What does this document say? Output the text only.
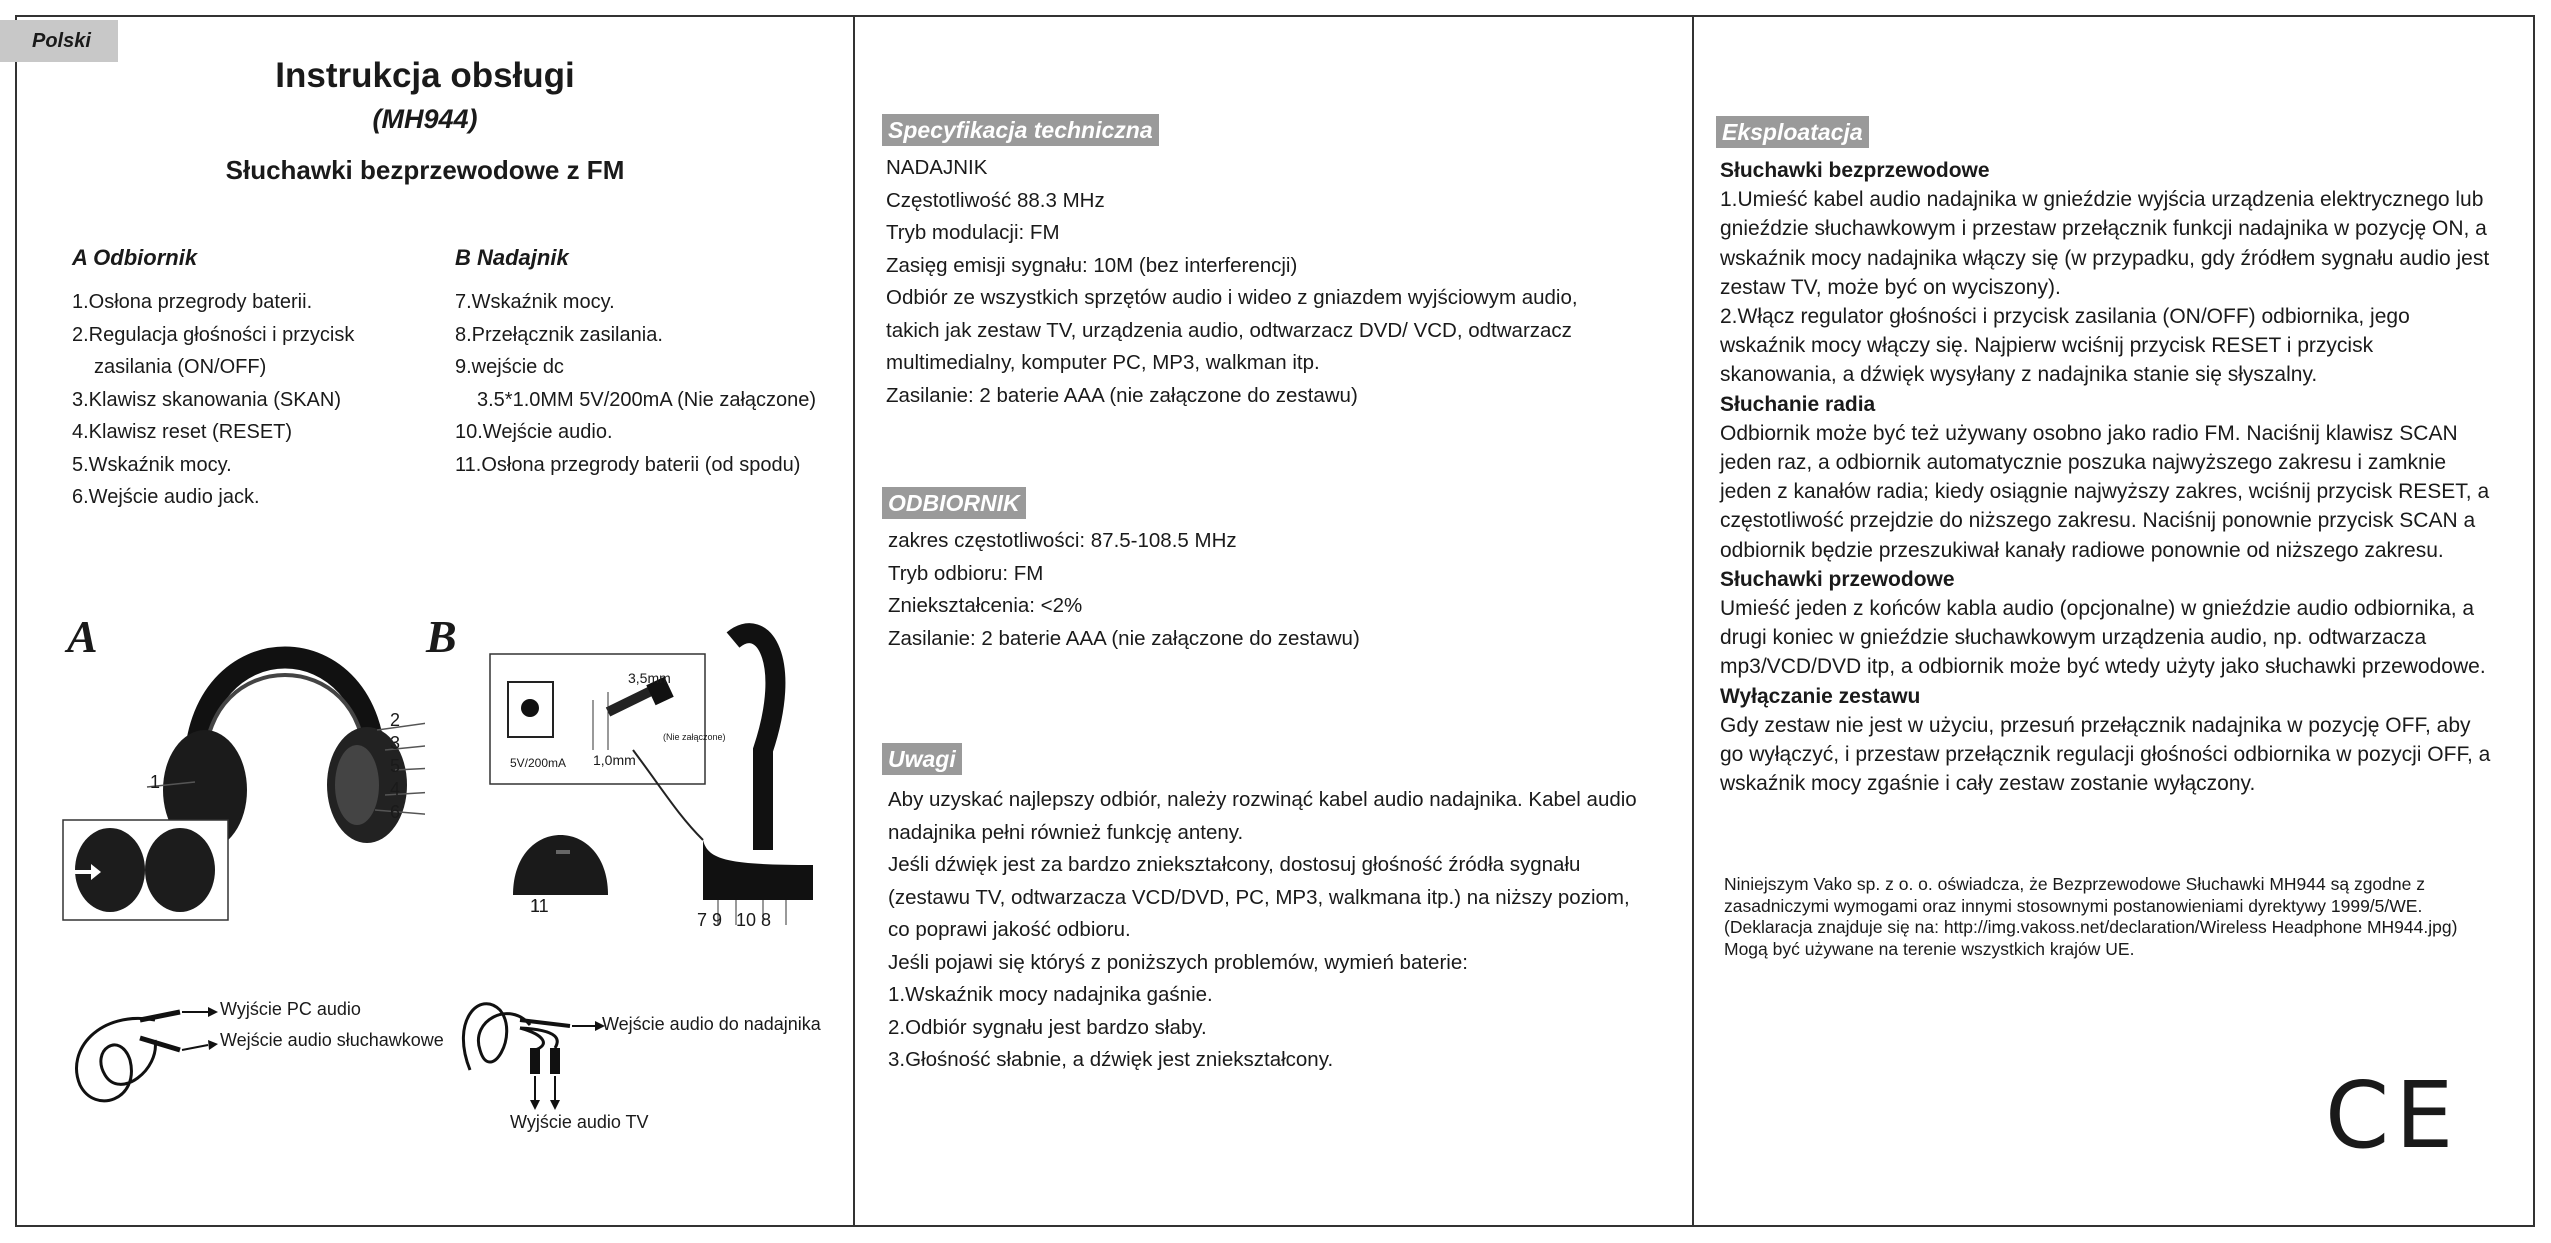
Polski
Instrukcja obsługi
(MH944)
Słuchawki bezprzewodowe z FM
A Odbiornik
1.Osłona przegrody baterii.
2.Regulacja głośności i przycisk
zasilania (ON/OFF)
3.Klawisz skanowania (SKAN)
4.Klawisz reset (RESET)
5.Wskaźnik mocy.
6.Wejście audio jack.
B Nadajnik
7.Wskaźnik mocy.
8.Przełącznik zasilania.
9.wejście dc
3.5*1.0MM 5V/200mA (Nie załączone)
10.Wejście audio.
11.Osłona przegrody baterii (od spodu)
A
1
2
3
5
4
6
B
3,5mm
1,0mm
(Nie załączone)
5V/200mA
11
7 9 10 8
Wyjście PC audio
Wejście audio słuchawkowe
Wejście audio do nadajnika
Wyjście audio TV
Specyfikacja techniczna
NADAJNIK
Częstotliwość 88.3 MHz
Tryb modulacji: FM
Zasięg emisji sygnału: 10M (bez interferencji)
Odbiór ze wszystkich sprzętów audio i wideo z gniazdem wyjściowym audio,
takich jak zestaw TV, urządzenia audio, odtwarzacz DVD/ VCD, odtwarzacz
multimedialny, komputer PC, MP3, walkman itp.
Zasilanie: 2 baterie AAA (nie załączone do zestawu)
ODBIORNIK
zakres częstotliwości: 87.5-108.5 MHz
Tryb odbioru: FM
Zniekształcenia: <2%
Zasilanie: 2 baterie AAA (nie załączone do zestawu)
Uwagi
Aby uzyskać najlepszy odbiór, należy rozwinąć kabel audio nadajnika. Kabel audio
nadajnika pełni również funkcję anteny.
Jeśli dźwięk jest za bardzo zniekształcony, dostosuj głośność źródła sygnału
(zestawu TV, odtwarzacza VCD/DVD, PC, MP3, walkmana itp.) na niższy poziom,
co poprawi jakość odbioru.
Jeśli pojawi się któryś z poniższych problemów, wymień baterie:
1.Wskaźnik mocy nadajnika gaśnie.
2.Odbiór sygnału jest bardzo słaby.
3.Głośność słabnie, a dźwięk jest zniekształcony.
Eksploatacja
Słuchawki bezprzewodowe
1.Umieść kabel audio nadajnika w gnieździe wyjścia urządzenia elektrycznego lub
gnieździe słuchawkowym i przestaw przełącznik funkcji nadajnika w pozycję ON, a
wskaźnik mocy nadajnika włączy się (w przypadku, gdy źródłem sygnału audio jest
zestaw TV, może być on wyciszony).
2.Włącz regulator głośności i przycisk zasilania (ON/OFF) odbiornika, jego
wskaźnik mocy włączy się. Najpierw wciśnij przycisk RESET i przycisk
skanowania, a dźwięk wysyłany z nadajnika stanie się słyszalny.
Słuchanie radia
Odbiornik może być też używany osobno jako radio FM. Naciśnij klawisz SCAN
jeden raz, a odbiornik automatycznie poszuka najwyższego zakresu i zamknie
jeden z kanałów radia; kiedy osiągnie najwyższy zakres, wciśnij przycisk RESET, a
częstotliwość przejdzie do niższego zakresu. Naciśnij ponownie przycisk SCAN a
odbiornik będzie przeszukiwał kanały radiowe ponownie od niższego zakresu.
Słuchawki przewodowe
Umieść jeden z końców kabla audio (opcjonalne) w gnieździe audio odbiornika, a
drugi koniec w gnieździe słuchawkowym urządzenia audio, np. odtwarzacza
mp3/VCD/DVD itp, a odbiornik może być wtedy użyty jako słuchawki przewodowe.
Wyłączanie zestawu
Gdy zestaw nie jest w użyciu, przesuń przełącznik nadajnika w pozycję OFF, aby
go wyłączyć, i przestaw przełącznik regulacji głośności odbiornika w pozycji OFF, a
wskaźnik mocy zgaśnie i cały zestaw zostanie wyłączony.
Niniejszym Vako sp. z o. o. oświadcza, że Bezprzewodowe Słuchawki MH944 są zgodne z
zasadniczymi wymogami oraz innymi stosownymi postanowieniami dyrektywy 1999/5/WE.
(Deklaracja znajduje się na: http://img.vakoss.net/declaration/Wireless Headphone MH944.jpg)
Mogą być używane na terenie wszystkich krajów UE.
CE
